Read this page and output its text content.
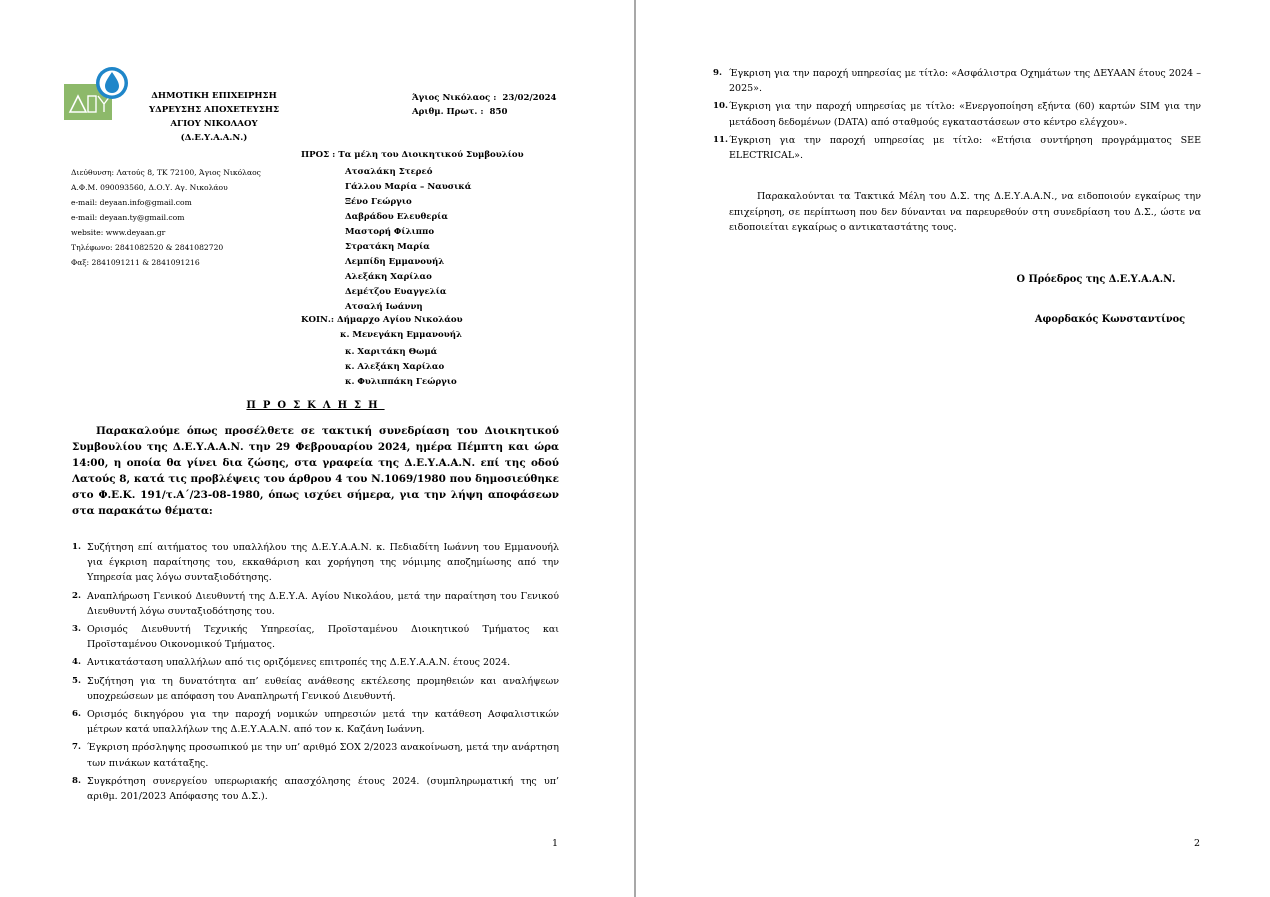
ΔΗΜΟΤΙΚΗ ΕΠΙΧΕΙΡΗΣΗ
ΥΔΡΕΥΣΗΣ ΑΠΟΧΕΤΕΥΣΗΣ
ΑΓΙΟΥ ΝΙΚΟΛΑΟΥ
(Δ.Ε.Υ.Α.Α.Ν.)
Άγιος Νικόλαος : 23/02/2024
Αριθμ. Πρωτ. : 850
Διεύθυνση: Λατούς 8, ΤΚ 72100, Άγιος Νικόλαος
Α.Φ.Μ. 090093560, Δ.Ο.Υ. Αγ. Νικολάου
e-mail: deyaan.info@gmail.com
e-mail: deyaan.ty@gmail.com
website: www.deyaan.gr
Τηλέφωνο: 2841082520 & 2841082720
Φαξ: 2841091211 & 2841091216
ΠΡΟΣ : Τα μέλη του Διοικητικού Συμβουλίου
Ατσαλάκη Στερεό
Γάλλου Μαρία – Ναυσικά
Ξένο Γεώργιο
Δαβράδου Ελευθερία
Μαστορή Φίλιππο
Στρατάκη Μαρία
Λεμπίδη Εμμανουήλ
Αλεξάκη Χαρίλαο
Δεμέτζου Ευαγγελία
Ατσαλή Ιωάννη
ΚΟΙΝ.: Δήμαρχο Αγίου Νικολάου
κ. Μενεγάκη Εμμανουήλ
κ. Χαριτάκη Θωμά
κ. Αλεξάκη Χαρίλαο
κ. Φυλιππάκη Γεώργιο
ΠΡΟΣΚΛΗΣΗ
Παρακαλούμε όπως προσέλθετε σε τακτική συνεδρίαση του Διοικητικού Συμβουλίου της Δ.Ε.Υ.Α.Α.Ν. την 29 Φεβρουαρίου 2024, ημέρα Πέμπτη και ώρα 14:00, η οποία θα γίνει δια ζώσης, στα γραφεία της Δ.Ε.Υ.Α.Α.Ν. επί της οδού Λατούς 8, κατά τις προβλέψεις του άρθρου 4 του Ν.1069/1980 που δημοσιεύθηκε στο Φ.Ε.Κ. 191/τ.Α΄/23-08-1980, όπως ισχύει σήμερα, για την λήψη αποφάσεων στα παρακάτω θέματα:
1. Συζήτηση επί αιτήματος του υπαλλήλου της Δ.Ε.Υ.Α.Α.Ν. κ. Πεδιαδίτη Ιωάννη του Εμμανουήλ για έγκριση παραίτησης του, εκκαθάριση και χορήγηση της νόμιμης αποζημίωσης από την Υπηρεσία μας λόγω συνταξιοδότησης.
2. Αναπλήρωση Γενικού Διευθυντή της Δ.Ε.Υ.Α. Αγίου Νικολάου, μετά την παραίτηση του Γενικού Διευθυντή λόγω συνταξιοδότησης του.
3. Ορισμός Διευθυντή Τεχνικής Υπηρεσίας, Προϊσταμένου Διοικητικού Τμήματος και Προϊσταμένου Οικονομικού Τμήματος.
4. Αντικατάσταση υπαλλήλων από τις οριζόμενες επιτροπές της Δ.Ε.Υ.Α.Α.Ν. έτους 2024.
5. Συζήτηση για τη δυνατότητα απ’ ευθείας ανάθεσης εκτέλεσης προμηθειών και αναλήψεων υποχρεώσεων με απόφαση του Αναπληρωτή Γενικού Διευθυντή.
6. Ορισμός δικηγόρου για την παροχή νομικών υπηρεσιών μετά την κατάθεση Ασφαλιστικών μέτρων κατά υπαλλήλων της Δ.Ε.Υ.Α.Α.Ν. από τον κ. Καζάνη Ιωάννη.
7. Έγκριση πρόσληψης προσωπικού με την υπ’ αριθμό ΣΟΧ 2/2023 ανακοίνωση, μετά την ανάρτηση των πινάκων κατάταξης.
8. Συγκρότηση συνεργείου υπερωριακής απασχόλησης έτους 2024. (συμπληρωματική της υπ’ αριθμ. 201/2023 Απόφασης του Δ.Σ.).
1
9. Έγκριση για την παροχή υπηρεσίας με τίτλο: «Ασφάλιστρα Οχημάτων της ΔΕΥΑΑΝ έτους 2024 – 2025».
10. Έγκριση για την παροχή υπηρεσίας με τίτλο: «Ενεργοποίηση εξήντα (60) καρτών SIM για την μετάδοση δεδομένων (DATA) από σταθμούς εγκαταστάσεων στο κέντρο ελέγχου».
11. Έγκριση για την παροχή υπηρεσίας με τίτλο: «Ετήσια συντήρηση προγράμματος SEE ELECTRICAL».
Παρακαλούνται τα Τακτικά Μέλη του Δ.Σ. της Δ.Ε.Υ.Α.Α.Ν., να ειδοποιούν εγκαίρως την επιχείρηση, σε περίπτωση που δεν δύνανται να παρευρεθούν στη συνεδρίαση του Δ.Σ., ώστε να ειδοποιείται εγκαίρως ο αντικαταστάτης τους.
Ο Πρόεδρος της Δ.Ε.Υ.Α.Α.Ν.
Αφορδακός Κωνσταντίνος
2
